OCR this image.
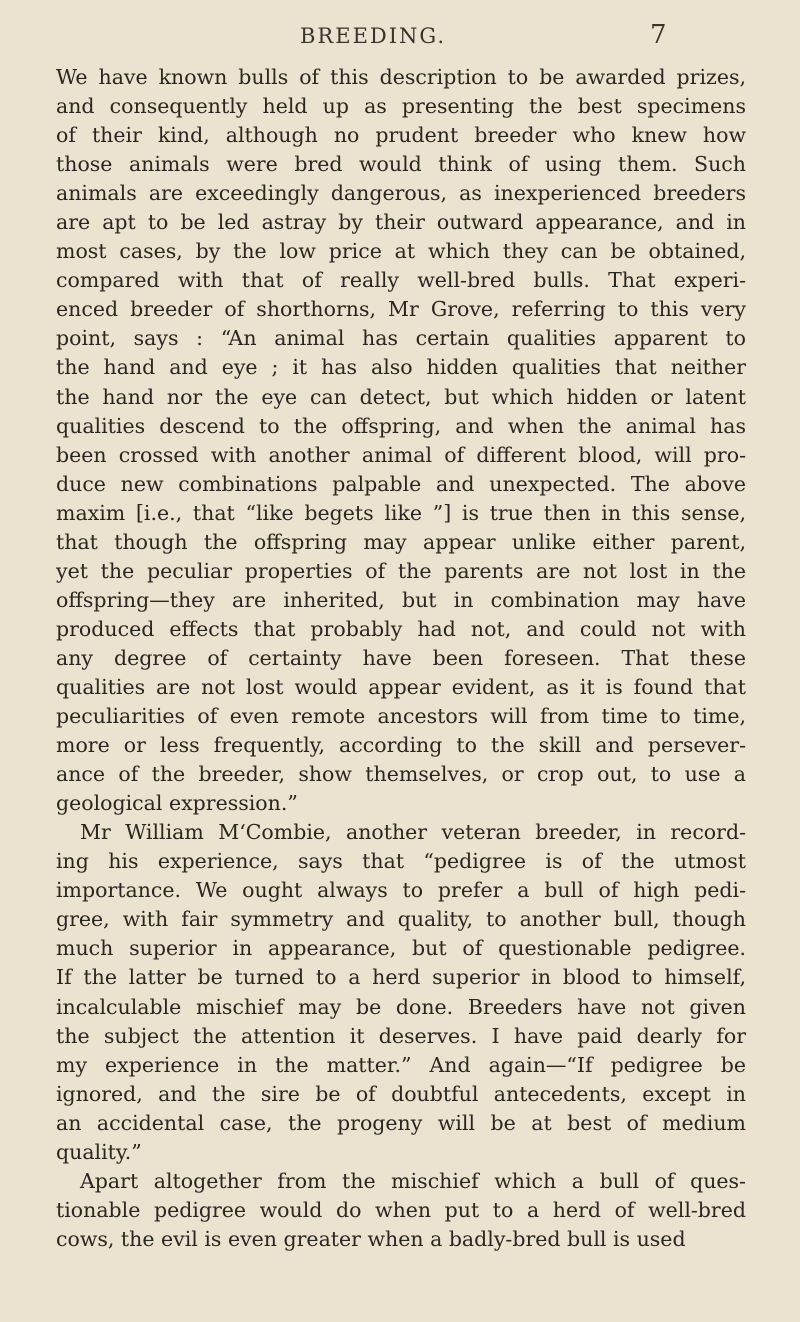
BREEDING.	7
We have known bulls of this description to be awarded prizes,
and consequently held up as presenting the best specimens
of their kind, although no prudent breeder who knew how
those animals were bred would think of using them. Such
animals are exceedingly dangerous, as inexperienced breeders
are apt to be led astray by their outward appearance, and in
most cases, by the low price at which they can be obtained,
compared with that of really well-bred bulls. That experi-
enced breeder of shorthorns, Mr Grove, referring to this very
point, says : “An animal has certain qualities apparent to
the hand and eye ; it has also hidden qualities that neither
the hand nor the eye can detect, but which hidden or latent
qualities descend to the offspring, and when the animal has
been crossed with another animal of different blood, will pro-
duce new combinations palpable and unexpected. The above
maxim [i.e., that “like begets like ”] is true then in this sense,
that though the offspring may appear unlike either parent,
yet the peculiar properties of the parents are not lost in the
offspring—they are inherited, but in combination may have
produced effects that probably had not, and could not with
any degree of certainty have been foreseen. That these
qualities are not lost would appear evident, as it is found that
peculiarities of even remote ancestors will from time to time,
more or less frequently, according to the skill and persever-
ance of the breeder, show themselves, or crop out, to use a
geological expression.”
Mr William M‘Combie, another veteran breeder, in record-
ing his experience, says that “pedigree is of the utmost
importance. We ought always to prefer a bull of high pedi-
gree, with fair symmetry and quality, to another bull, though
much superior in appearance, but of questionable pedigree.
If the latter be turned to a herd superior in blood to himself,
incalculable mischief may be done. Breeders have not given
the subject the attention it deserves. I have paid dearly for
my experience in the matter.” And again—“If pedigree be
ignored, and the sire be of doubtful antecedents, except in
an accidental case, the progeny will be at best of medium
quality.”
Apart altogether from the mischief which a bull of ques-
tionable pedigree would do when put to a herd of well-bred
cows, the evil is even greater when a badly-bred bull is used
